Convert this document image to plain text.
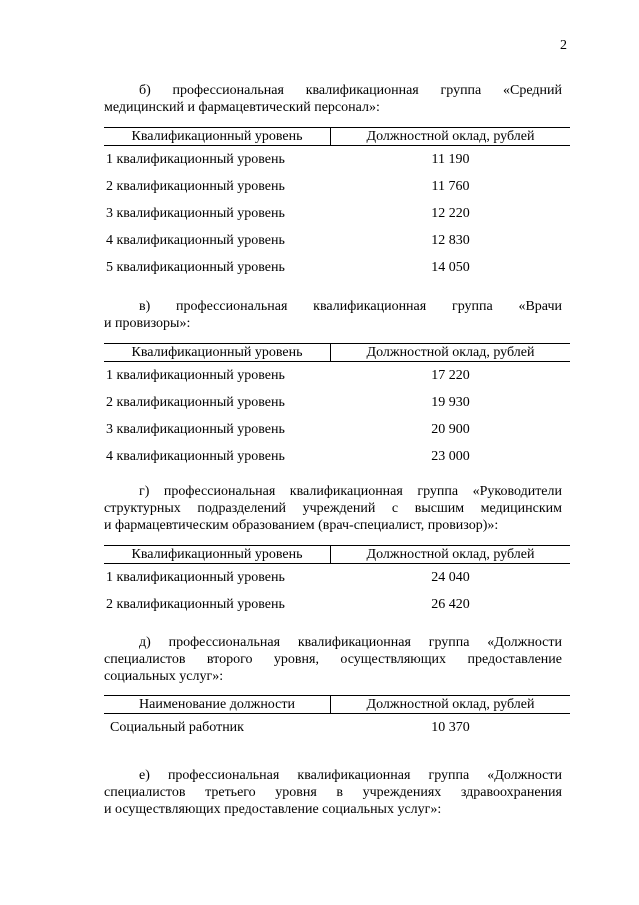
2
б) профессиональная квалификационная группа «Средний
медицинский и фармацевтический персонал»:
Квалификационный уровень	Должностной оклад, рублей
1 квалификационный уровень	11 190
2 квалификационный уровень	11 760
3 квалификационный уровень	12 220
4 квалификационный уровень	12 830
5 квалификационный уровень	14 050
в) профессиональная квалификационная группа «Врачи
и провизоры»:
Квалификационный уровень	Должностной оклад, рублей
1 квалификационный уровень	17 220
2 квалификационный уровень	19 930
3 квалификационный уровень	20 900
4 квалификационный уровень	23 000
г) профессиональная квалификационная группа «Руководители
структурных подразделений учреждений с высшим медицинским
и фармацевтическим образованием (врач-специалист, провизор)»:
Квалификационный уровень	Должностной оклад, рублей
1 квалификационный уровень	24 040
2 квалификационный уровень	26 420
д) профессиональная квалификационная группа «Должности
специалистов второго уровня, осуществляющих предоставление
социальных услуг»:
Наименование должности	Должностной оклад, рублей
Социальный работник	10 370
е) профессиональная квалификационная группа «Должности
специалистов третьего уровня в учреждениях здравоохранения
и осуществляющих предоставление социальных услуг»:
